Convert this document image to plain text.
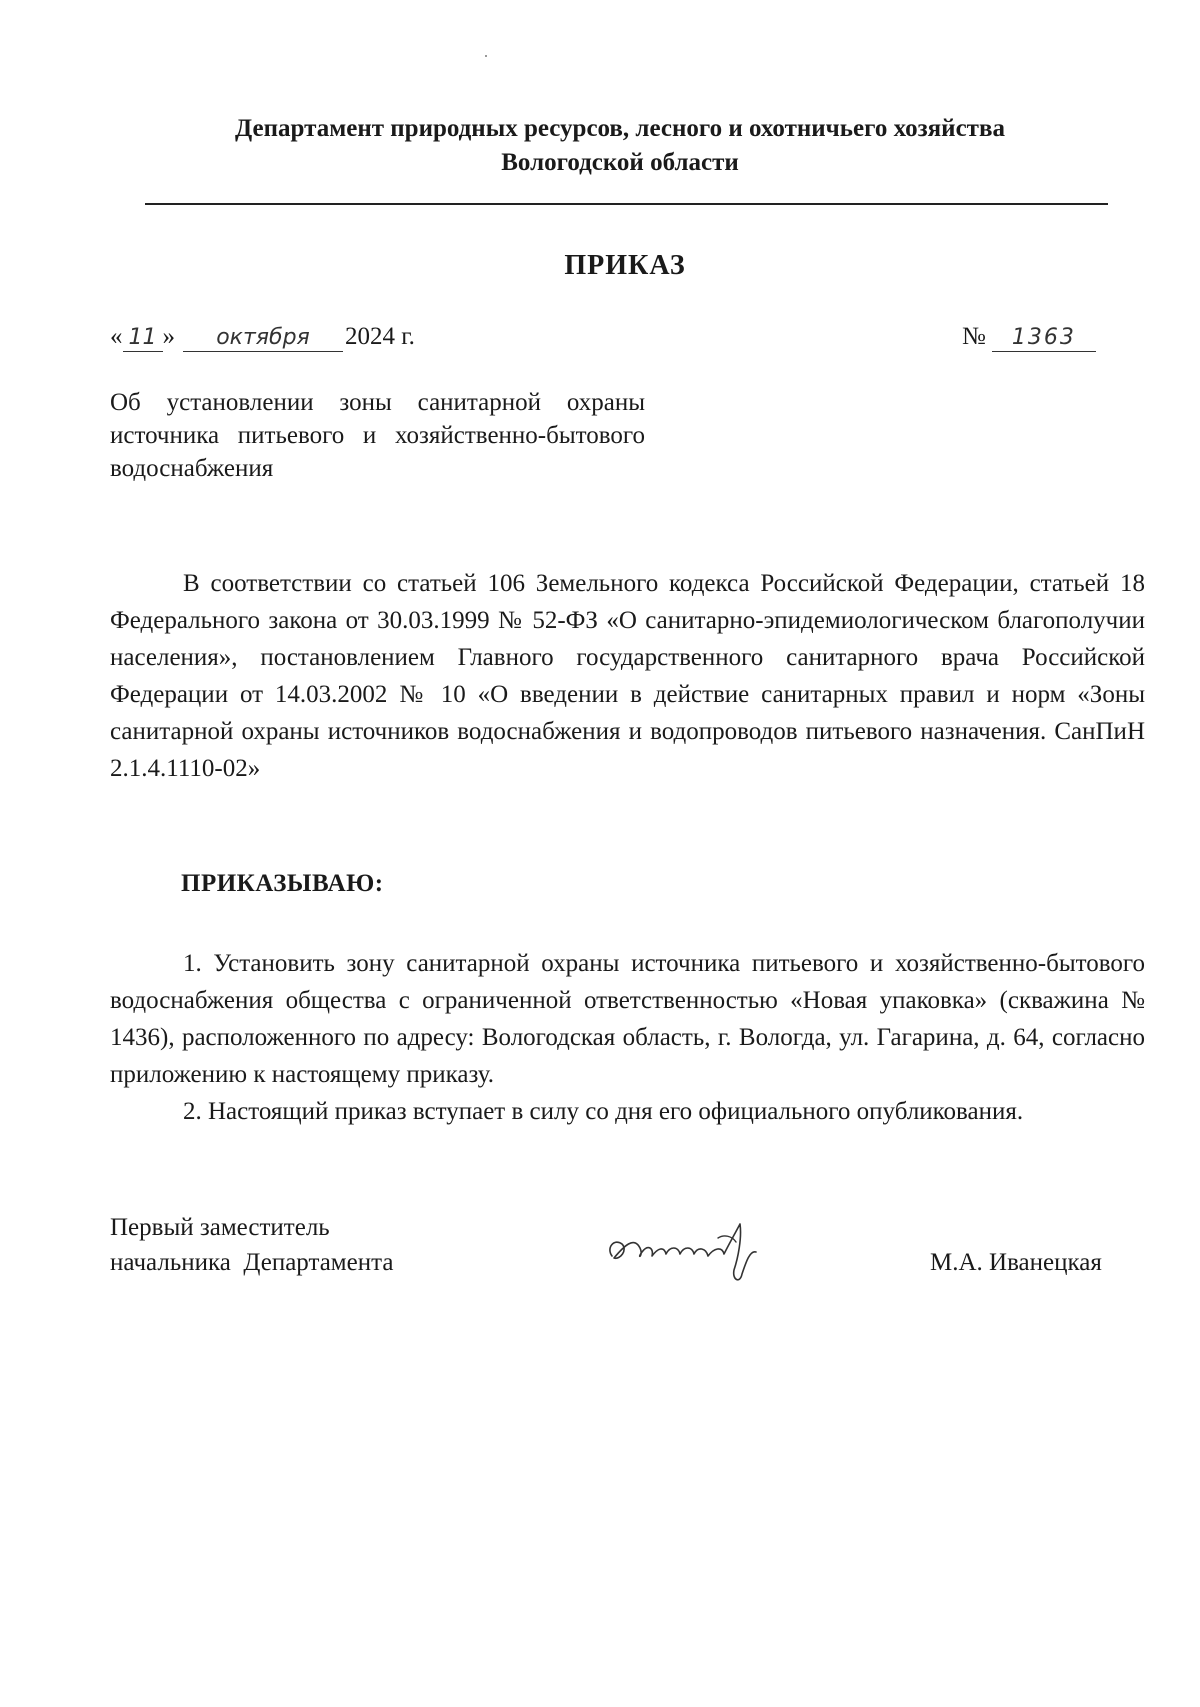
Департамент природных ресурсов, лесного и охотничьего хозяйства
Вологодской области
ПРИКАЗ
« 11 » октября 2024 г.	№ 1363
Об установлении зоны санитарной охраны источника питьевого и хозяйственно-бытового водоснабжения
В соответствии со статьей 106 Земельного кодекса Российской Федерации, статьей 18 Федерального закона от 30.03.1999 № 52-ФЗ «О санитарно-эпидемиологическом благополучии населения», постановлением Главного государственного санитарного врача Российской Федерации от 14.03.2002 № 10 «О введении в действие санитарных правил и норм «Зоны санитарной охраны источников водоснабжения и водопроводов питьевого назначения. СанПиН 2.1.4.1110-02»
ПРИКАЗЫВАЮ:
1. Установить зону санитарной охраны источника питьевого и хозяйственно-бытового водоснабжения общества с ограниченной ответственностью «Новая упаковка» (скважина № 1436), расположенного по адресу: Вологодская область, г. Вологда, ул. Гагарина, д. 64, согласно приложению к настоящему приказу.
2. Настоящий приказ вступает в силу со дня его официального опубликования.
Первый заместитель
начальника  Департамента	М.А. Иванецкая
